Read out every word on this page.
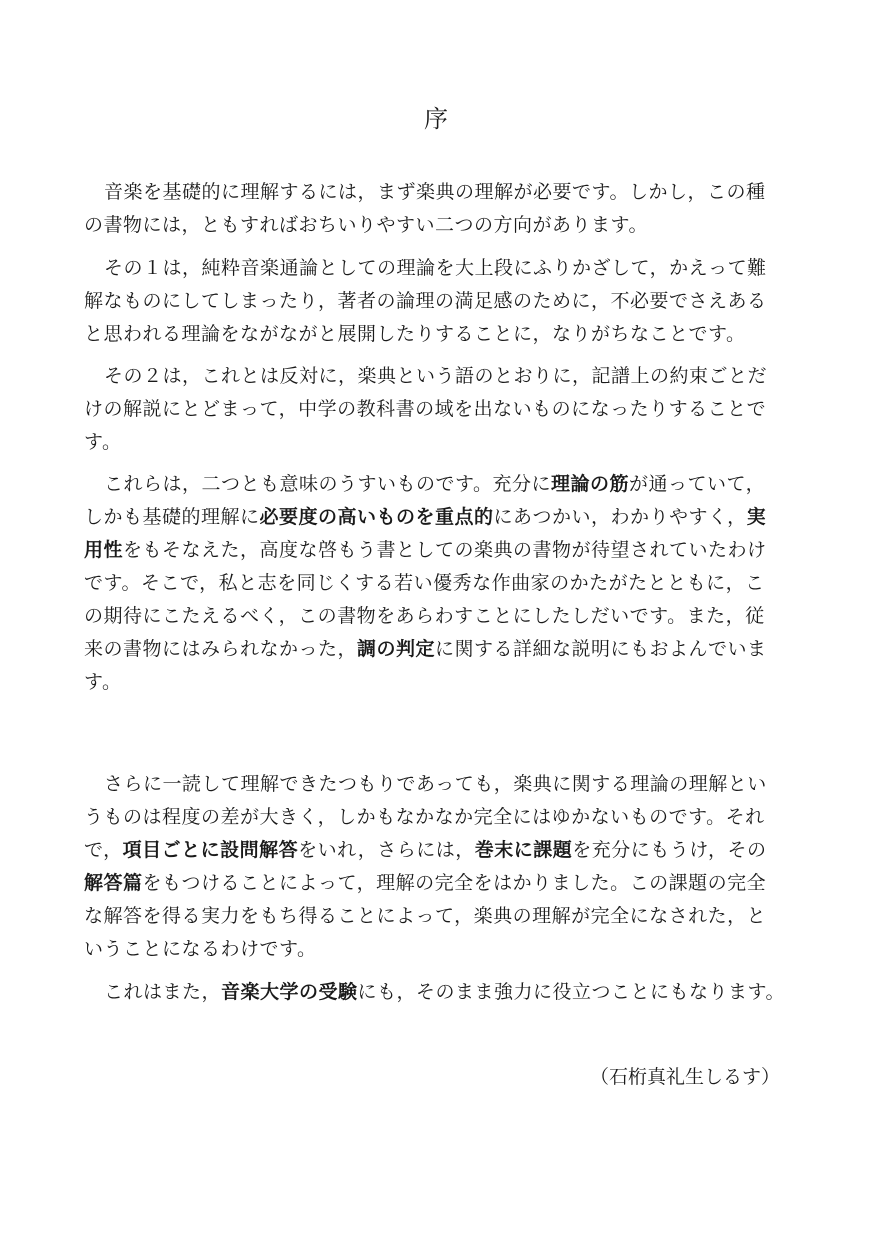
序
音楽を基礎的に理解するには，まず楽典の理解が必要です。しかし，この種
の書物には，ともすればおちいりやすい二つの方向があります。
その１は，純粋音楽通論としての理論を大上段にふりかざして，かえって難
解なものにしてしまったり，著者の論理の満足感のために，不必要でさえある
と思われる理論をながながと展開したりすることに，なりがちなことです。
その２は，これとは反対に，楽典という語のとおりに，記譜上の約束ごとだ
けの解説にとどまって，中学の教科書の域を出ないものになったりすることで
す。
これらは，二つとも意味のうすいものです。充分に理論の筋が通っていて，
しかも基礎的理解に必要度の高いものを重点的にあつかい，わかりやすく，実
用性をもそなえた，高度な啓もう書としての楽典の書物が待望されていたわけ
です。そこで，私と志を同じくする若い優秀な作曲家のかたがたとともに，こ
の期待にこたえるべく，この書物をあらわすことにしたしだいです。また，従
来の書物にはみられなかった，調の判定に関する詳細な説明にもおよんでいま
す。
さらに一読して理解できたつもりであっても，楽典に関する理論の理解とい
うものは程度の差が大きく，しかもなかなか完全にはゆかないものです。それ
で，項目ごとに設問解答をいれ，さらには，巻末に課題を充分にもうけ，その
解答篇をもつけることによって，理解の完全をはかりました。この課題の完全
な解答を得る実力をもち得ることによって，楽典の理解が完全になされた，と
いうことになるわけです。
これはまた，音楽大学の受験にも，そのまま強力に役立つことにもなります。
（石桁真礼生しるす）
